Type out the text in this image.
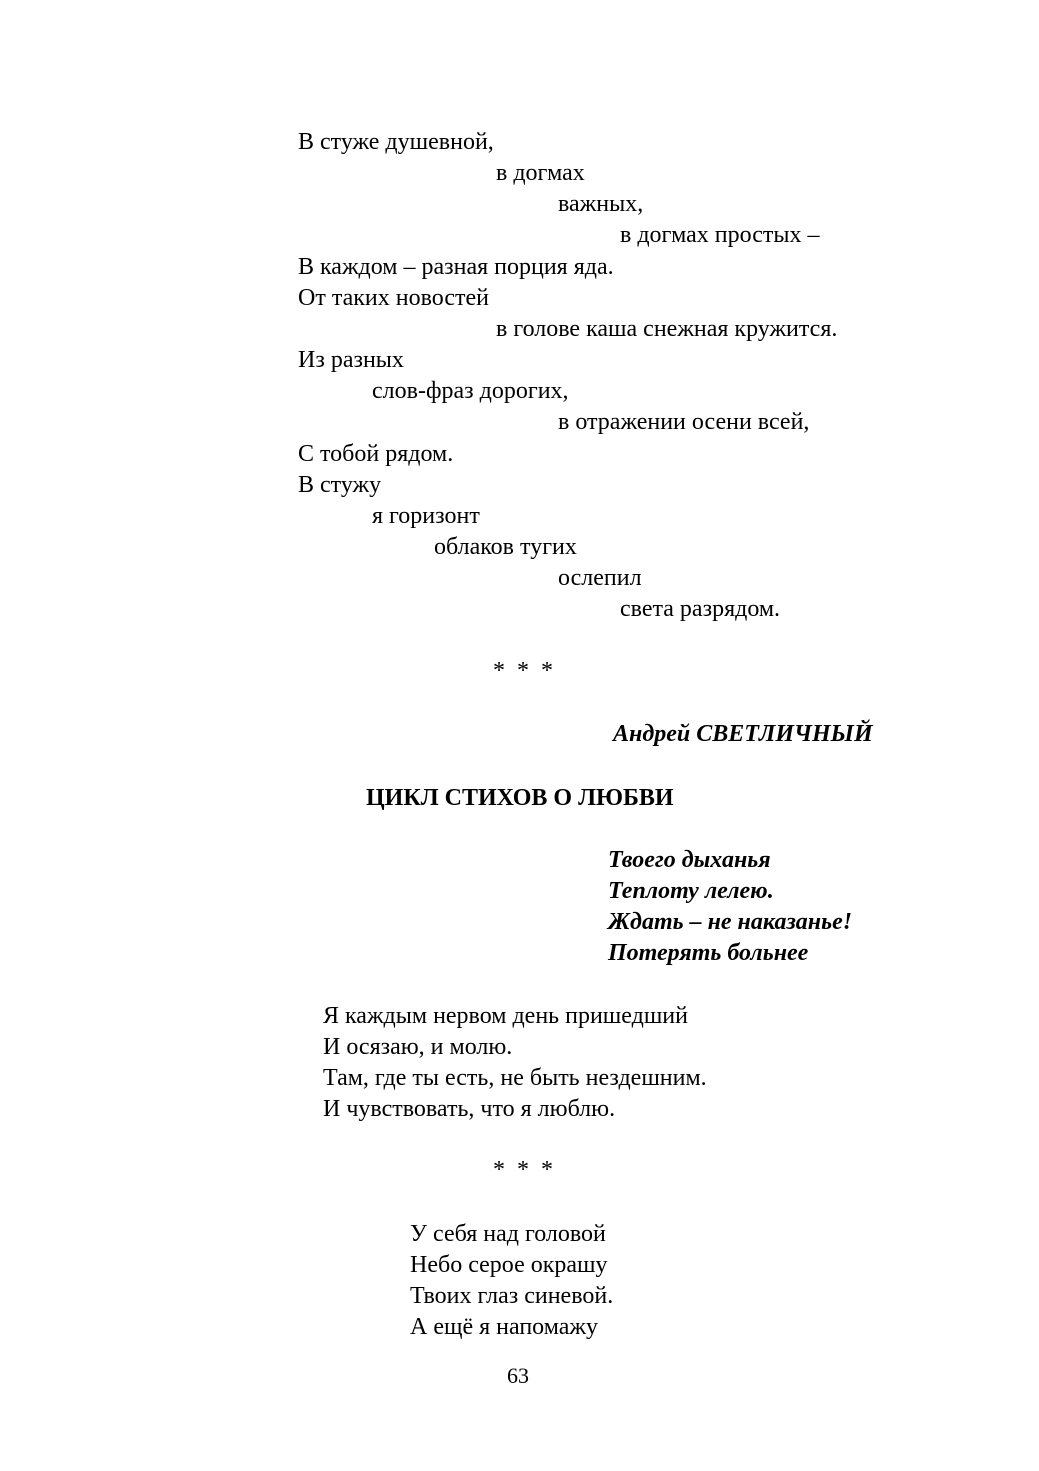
В стуже душевной,

в догмах

важных,

в догмах простых –

В каждом – разная порция яда.

От таких новостей

в голове каша снежная кружится.

Из разных

слов-фраз дорогих,

в отражении осени всей,

С тобой рядом.

В стужу

я горизонт

облаков тугих

ослепил

света разрядом.

* * *

Андрей СВЕТЛИЧНЫЙ

ЦИКЛ СТИХОВ О ЛЮБВИ

Твоего дыханья

Теплоту лелею.

Ждать – не наказанье!

Потерять больнее

Я каждым нервом день пришедший

И осязаю, и молю.

Там, где ты есть, не быть нездешним.

И чувствовать, что я люблю.

* * *

У себя над головой

Небо серое окрашу

Твоих глаз синевой.

А ещё я напомажу

63
